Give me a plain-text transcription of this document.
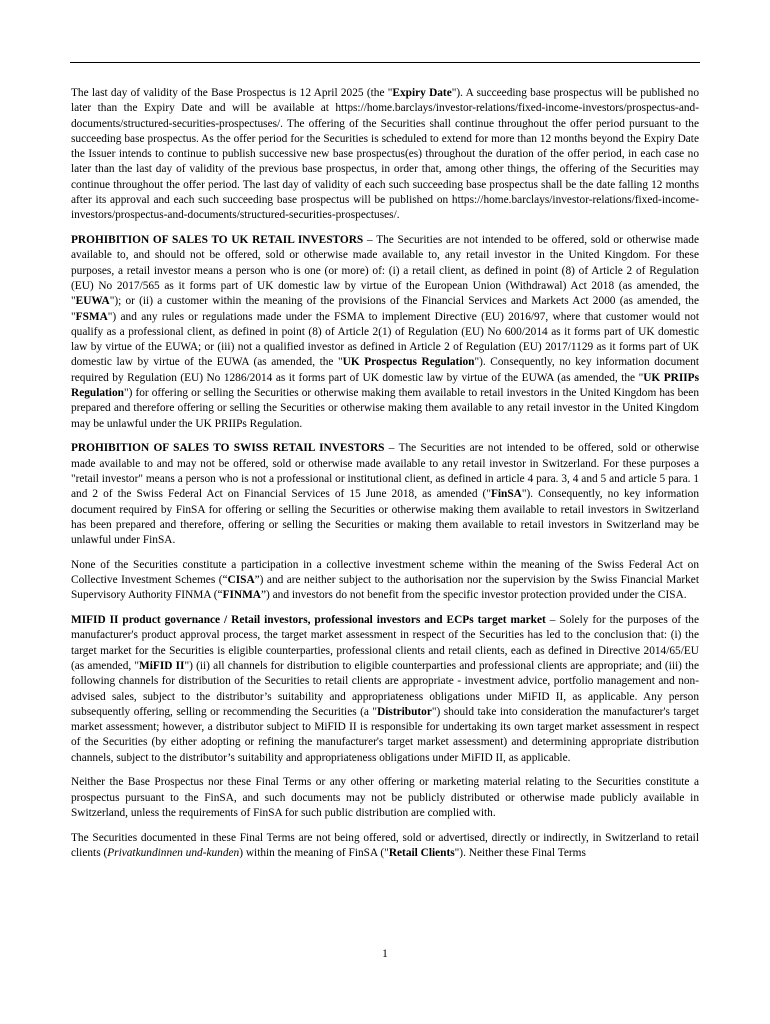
The last day of validity of the Base Prospectus is 12 April 2025 (the "Expiry Date"). A succeeding base prospectus will be published no later than the Expiry Date and will be available at https://home.barclays/investor-relations/fixed-income-investors/prospectus-and-documents/structured-securities-prospectuses/. The offering of the Securities shall continue throughout the offer period pursuant to the succeeding base prospectus. As the offer period for the Securities is scheduled to extend for more than 12 months beyond the Expiry Date the Issuer intends to continue to publish successive new base prospectus(es) throughout the duration of the offer period, in each case no later than the last day of validity of the previous base prospectus, in order that, among other things, the offering of the Securities may continue throughout the offer period. The last day of validity of each such succeeding base prospectus shall be the date falling 12 months after its approval and each such succeeding base prospectus will be published on https://home.barclays/investor-relations/fixed-income-investors/prospectus-and-documents/structured-securities-prospectuses/.

PROHIBITION OF SALES TO UK RETAIL INVESTORS – The Securities are not intended to be offered, sold or otherwise made available to, and should not be offered, sold or otherwise made available to, any retail investor in the United Kingdom. For these purposes, a retail investor means a person who is one (or more) of: (i) a retail client, as defined in point (8) of Article 2 of Regulation (EU) No 2017/565 as it forms part of UK domestic law by virtue of the European Union (Withdrawal) Act 2018 (as amended, the "EUWA"); or (ii) a customer within the meaning of the provisions of the Financial Services and Markets Act 2000 (as amended, the "FSMA") and any rules or regulations made under the FSMA to implement Directive (EU) 2016/97, where that customer would not qualify as a professional client, as defined in point (8) of Article 2(1) of Regulation (EU) No 600/2014 as it forms part of UK domestic law by virtue of the EUWA; or (iii) not a qualified investor as defined in Article 2 of Regulation (EU) 2017/1129 as it forms part of UK domestic law by virtue of the EUWA (as amended, the "UK Prospectus Regulation"). Consequently, no key information document required by Regulation (EU) No 1286/2014 as it forms part of UK domestic law by virtue of the EUWA (as amended, the "UK PRIIPs Regulation") for offering or selling the Securities or otherwise making them available to retail investors in the United Kingdom has been prepared and therefore offering or selling the Securities or otherwise making them available to any retail investor in the United Kingdom may be unlawful under the UK PRIIPs Regulation.

PROHIBITION OF SALES TO SWISS RETAIL INVESTORS – The Securities are not intended to be offered, sold or otherwise made available to and may not be offered, sold or otherwise made available to any retail investor in Switzerland. For these purposes a "retail investor" means a person who is not a professional or institutional client, as defined in article 4 para. 3, 4 and 5 and article 5 para. 1 and 2 of the Swiss Federal Act on Financial Services of 15 June 2018, as amended ("FinSA"). Consequently, no key information document required by FinSA for offering or selling the Securities or otherwise making them available to retail investors in Switzerland has been prepared and therefore, offering or selling the Securities or making them available to retail investors in Switzerland may be unlawful under FinSA.

None of the Securities constitute a participation in a collective investment scheme within the meaning of the Swiss Federal Act on Collective Investment Schemes (“CISA”) and are neither subject to the authorisation nor the supervision by the Swiss Financial Market Supervisory Authority FINMA (“FINMA”) and investors do not benefit from the specific investor protection provided under the CISA.

MIFID II product governance / Retail investors, professional investors and ECPs target market – Solely for the purposes of the manufacturer's product approval process, the target market assessment in respect of the Securities has led to the conclusion that: (i) the target market for the Securities is eligible counterparties, professional clients and retail clients, each as defined in Directive 2014/65/EU (as amended, "MiFID II") (ii) all channels for distribution to eligible counterparties and professional clients are appropriate; and (iii) the following channels for distribution of the Securities to retail clients are appropriate - investment advice, portfolio management and non-advised sales, subject to the distributor’s suitability and appropriateness obligations under MiFID II, as applicable. Any person subsequently offering, selling or recommending the Securities (a "Distributor") should take into consideration the manufacturer's target market assessment; however, a distributor subject to MiFID II is responsible for undertaking its own target market assessment in respect of the Securities (by either adopting or refining the manufacturer's target market assessment) and determining appropriate distribution channels, subject to the distributor’s suitability and appropriateness obligations under MiFID II, as applicable.

Neither the Base Prospectus nor these Final Terms or any other offering or marketing material relating to the Securities constitute a prospectus pursuant to the FinSA, and such documents may not be publicly distributed or otherwise made publicly available in Switzerland, unless the requirements of FinSA for such public distribution are complied with.

The Securities documented in these Final Terms are not being offered, sold or advertised, directly or indirectly, in Switzerland to retail clients (Privatkundinnen und-kunden) within the meaning of FinSA ("Retail Clients"). Neither these Final Terms

1
